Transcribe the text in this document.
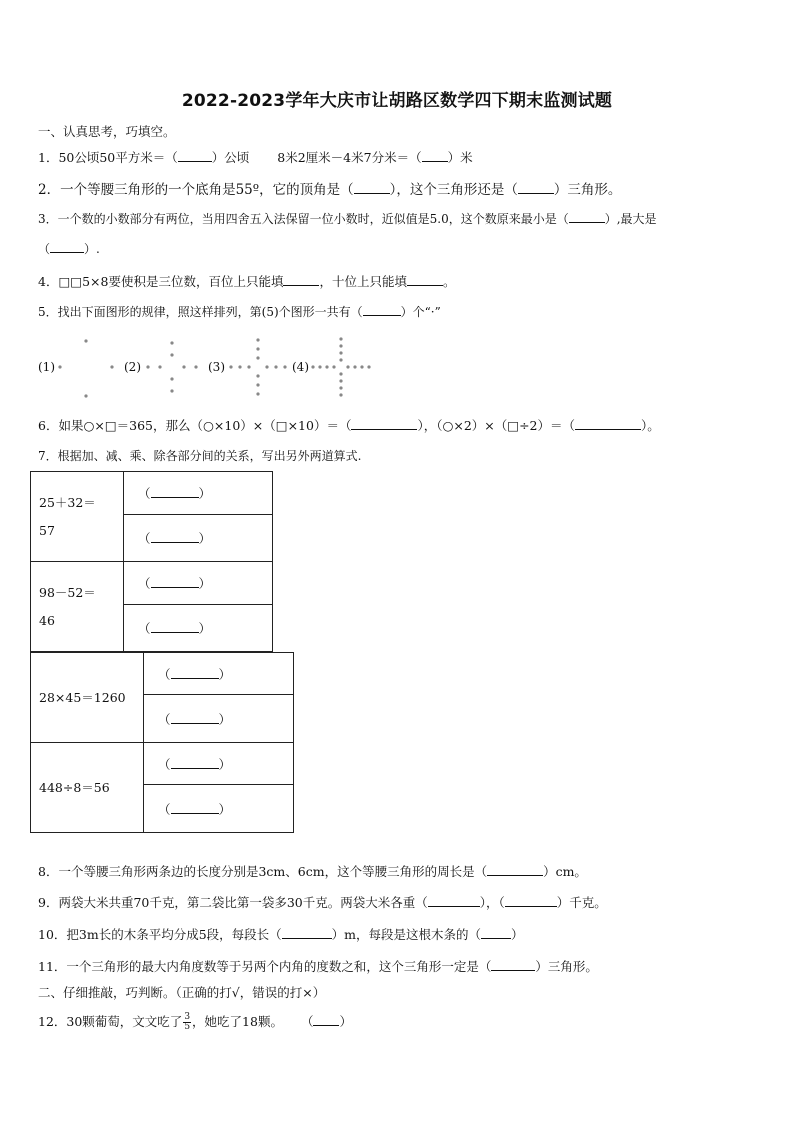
2022-2023学年大庆市让胡路区数学四下期末监测试题
一、认真思考，巧填空。
1．50公顷50平方米＝（	）公顷 8米2厘米－4米7分米＝（ ）米
2．一个等腰三角形的一个底角是55º，它的顶角是（	），这个三角形还是（	）三角形。
3．一个数的小数部分有两位，当用四舍五入法保留一位小数时，近似值是5.0，这个数原来最小是（	）,最大是
（	）.
4．□□5×8要使积是三位数，百位上只能填	，十位上只能填	。
5．找出下面图形的规律，照这样排列，第(5)个图形一共有（	）个“·”
(1)	(2)	(3)	(4)
6．如果○×□＝365，那么（○×10）×（□×10）＝（	），（○×2）×（□÷2）＝（	）。
7．根据加、减、乘、除各部分间的关系，写出另外两道算式.
25＋32＝
57	（ ）
	（ ）
98－52＝
46	（ ）
	（ ）
28×45＝1260	（ ）
	（ ）
448÷8＝56	（ ）
	（ ）
8．一个等腰三角形两条边的长度分别是3cm、6cm，这个等腰三角形的周长是（	）cm。
9．两袋大米共重70千克，第二袋比第一袋多30千克。两袋大米各重（	），（	）千克。
10．把3m长的木条平均分成5段，每段长（	）m，每段是这根木条的（ ）
11．一个三角形的最大内角度数等于另两个内角的度数之和，这个三角形一定是（	）三角形。
二、仔细推敲，巧判断。（正确的打√，错误的打×）
12．30颗葡萄，文文吃了 $\frac{3}{5}$ ，她吃了18颗。 （ ）
